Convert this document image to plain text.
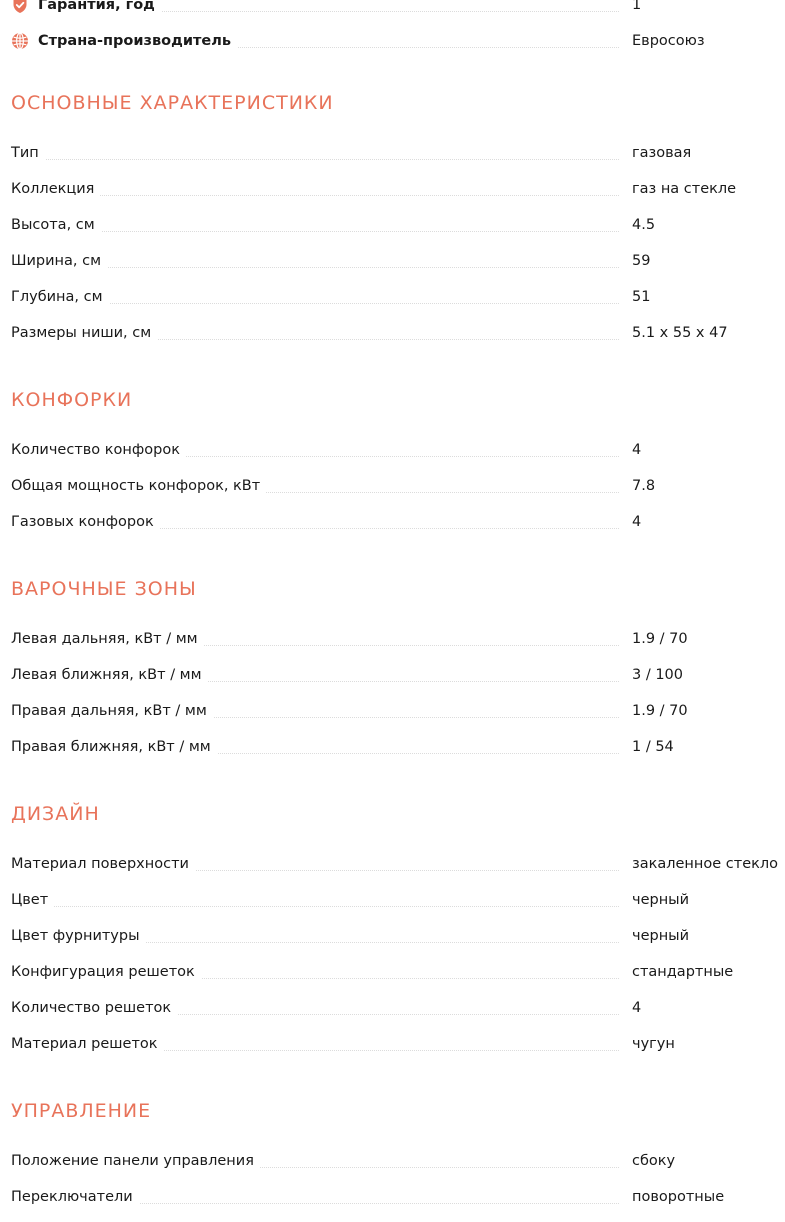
Гарантия, год	1
Страна-производитель	Евросоюз
ОСНОВНЫЕ ХАРАКТЕРИСТИКИ
Тип	газовая
Коллекция	газ на стекле
Высота, см	4.5
Ширина, см	59
Глубина, см	51
Размеры ниши, см	5.1 x 55 x 47
КОНФОРКИ
Количество конфорок	4
Общая мощность конфорок, кВт	7.8
Газовых конфорок	4
ВАРОЧНЫЕ ЗОНЫ
Левая дальняя, кВт / мм	1.9 / 70
Левая ближняя, кВт / мм	3 / 100
Правая дальняя, кВт / мм	1.9 / 70
Правая ближняя, кВт / мм	1 / 54
ДИЗАЙН
Материал поверхности	закаленное стекло
Цвет	черный
Цвет фурнитуры	черный
Конфигурация решеток	стандартные
Количество решеток	4
Материал решеток	чугун
УПРАВЛЕНИЕ
Положение панели управления	сбоку
Переключатели	поворотные
